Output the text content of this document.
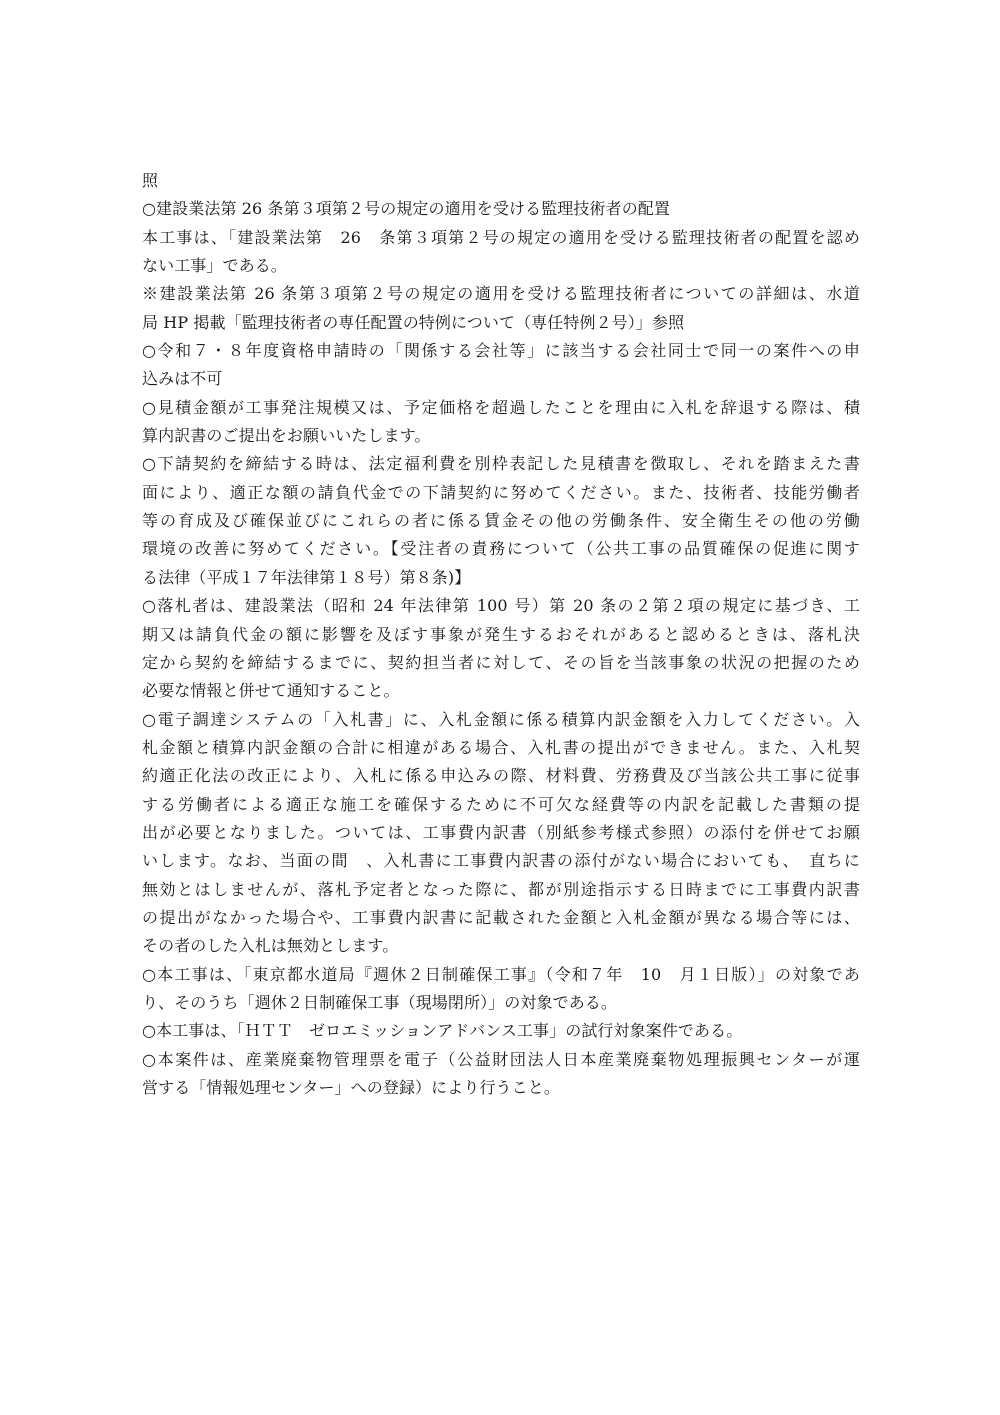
照
○建設業法第 26 条第３項第２号の規定の適用を受ける監理技術者の配置
本工事は、「建設業法第　26　条第３項第２号の規定の適用を受ける監理技術者の配置を認め
ない工事」である。
※建設業法第 26 条第３項第２号の規定の適用を受ける監理技術者についての詳細は、水道
局 HP 掲載「監理技術者の専任配置の特例について（専任特例２号）」参照
○令和７・８年度資格申請時の「関係する会社等」に該当する会社同士で同一の案件への申
込みは不可
○見積金額が工事発注規模又は、予定価格を超過したことを理由に入札を辞退する際は、積
算内訳書のご提出をお願いいたします。
○下請契約を締結する時は、法定福利費を別枠表記した見積書を徴取し、それを踏まえた書
面により、適正な額の請負代金での下請契約に努めてください。また、技術者、技能労働者
等の育成及び確保並びにこれらの者に係る賃金その他の労働条件、安全衛生その他の労働
環境の改善に努めてください。【受注者の責務について（公共工事の品質確保の促進に関す
る法律（平成１７年法律第１８号）第８条)】
○落札者は、建設業法（昭和 24 年法律第 100 号）第 20 条の２第２項の規定に基づき、工
期又は請負代金の額に影響を及ぼす事象が発生するおそれがあると認めるときは、落札決
定から契約を締結するまでに、契約担当者に対して、その旨を当該事象の状況の把握のため
必要な情報と併せて通知すること。
○電子調達システムの「入札書」に、入札金額に係る積算内訳金額を入力してください。入
札金額と積算内訳金額の合計に相違がある場合、入札書の提出ができません。また、入札契
約適正化法の改正により、入札に係る申込みの際、材料費、労務費及び当該公共工事に従事
する労働者による適正な施工を確保するために不可欠な経費等の内訳を記載した書類の提
出が必要となりました。ついては、工事費内訳書（別紙参考様式参照）の添付を併せてお願
いします。なお、当面の間　、入札書に工事費内訳書の添付がない場合においても、　直ちに
無効とはしませんが、落札予定者となった際に、都が別途指示する日時までに工事費内訳書
の提出がなかった場合や、工事費内訳書に記載された金額と入札金額が異なる場合等には、
その者のした入札は無効とします。
○本工事は、「東京都水道局『週休２日制確保工事』（令和７年　10　月１日版）」の対象であ
り、そのうち「週休２日制確保工事（現場閉所）」の対象である。
○本工事は、「ＨＴＴ　ゼロエミッションアドバンス工事」の試行対象案件である。
○本案件は、産業廃棄物管理票を電子（公益財団法人日本産業廃棄物処理振興センターが運
営する「情報処理センター」への登録）により行うこと。
